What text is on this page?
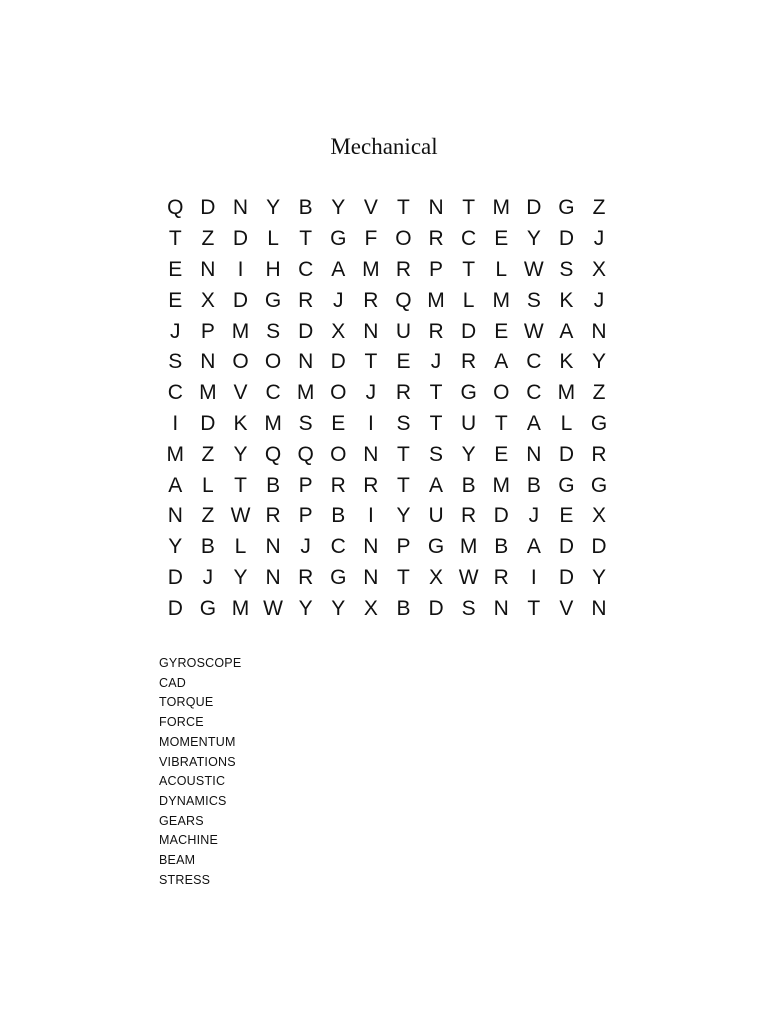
Mechanical
Q D N Y B Y V T N T M D G Z
T Z D L T G F O R C E Y D J
E N	I	H C A M R P T L W S X
E X D G R J R Q M L M S K J
J P M S D X N U R D E W A N
S N O O N D T E J R A C K Y
C M V C M O J R T G O C M Z
I	D K M S E	I	S T U T A L G
M Z Y Q Q O N T S Y E N D R
A L T B P R R T A B M B G G
N Z W R P B	I	Y U R D J E X
Y B L N J C N P G M B A D D
D J Y N R G N T X W R	I	D Y
D G M W Y Y X B D S N T V N
GYROSCOPE
CAD
TORQUE
FORCE
MOMENTUM
VIBRATIONS
ACOUSTIC
DYNAMICS
GEARS
MACHINE
BEAM
STRESS
